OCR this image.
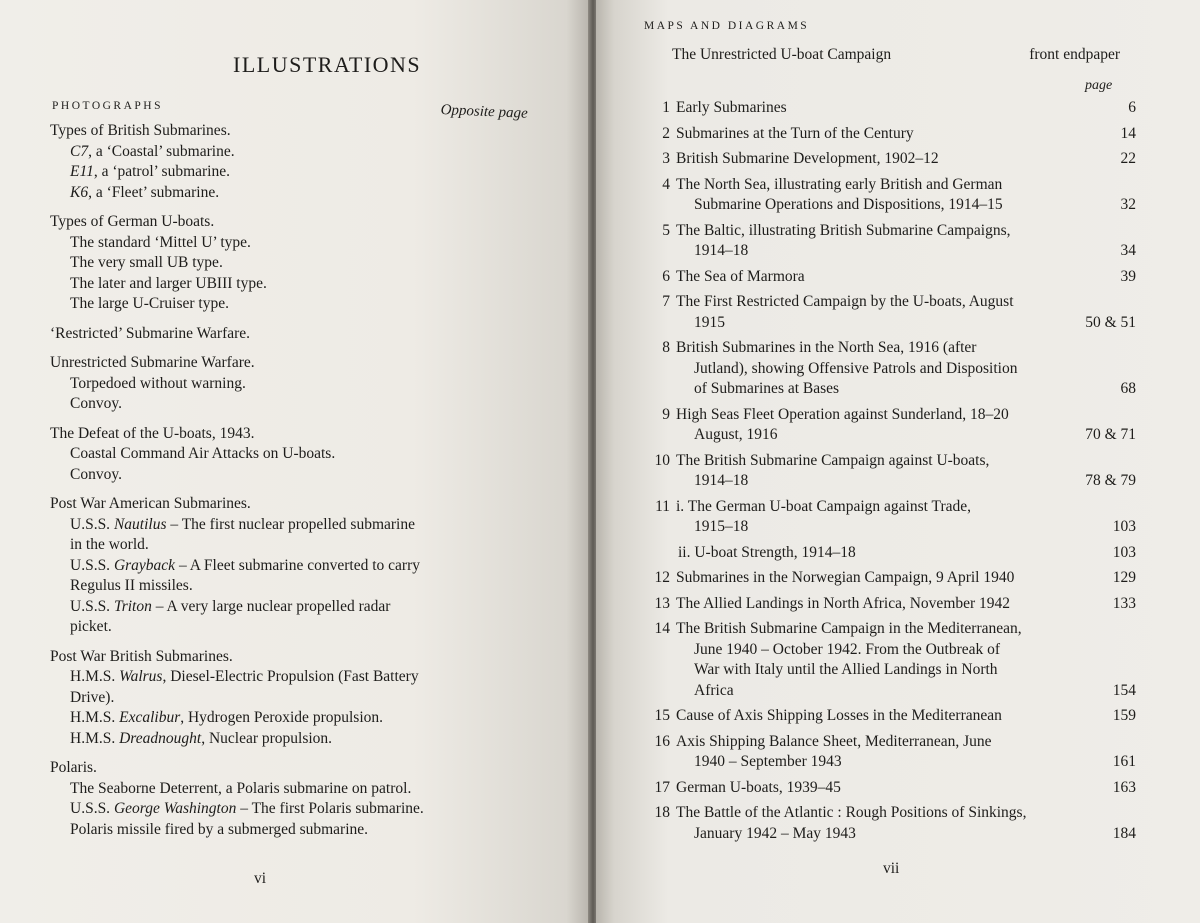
ILLUSTRATIONS
PHOTOGRAPHS	Opposite page
Types of British Submarines.
C7, a ‘Coastal’ submarine.
E11, a ‘patrol’ submarine.
K6, a ‘Fleet’ submarine.
Types of German U-boats.
The standard ‘Mittel U’ type.
The very small UB type.
The later and larger UBIII type.
The large U-Cruiser type.
‘Restricted’ Submarine Warfare.
Unrestricted Submarine Warfare.
Torpedoed without warning.
Convoy.
The Defeat of the U-boats, 1943.
Coastal Command Air Attacks on U-boats.
Convoy.
Post War American Submarines.
U.S.S. Nautilus – The first nuclear propelled submarine
in the world.
U.S.S. Grayback – A Fleet submarine converted to carry
Regulus II missiles.
U.S.S. Triton – A very large nuclear propelled radar
picket.
Post War British Submarines.
H.M.S. Walrus, Diesel-Electric Propulsion (Fast Battery
Drive).
H.M.S. Excalibur, Hydrogen Peroxide propulsion.
H.M.S. Dreadnought, Nuclear propulsion.
Polaris.
The Seaborne Deterrent, a Polaris submarine on patrol.
U.S.S. George Washington – The first Polaris submarine.
Polaris missile fired by a submerged submarine.
vi
MAPS AND DIAGRAMS
The Unrestricted U-boat Campaign	front endpaper
page
1 Early Submarines	6
2 Submarines at the Turn of the Century	14
3 British Submarine Development, 1902–12	22
4 The North Sea, illustrating early British and German
Submarine Operations and Dispositions, 1914–15	32
5 The Baltic, illustrating British Submarine Campaigns,
1914–18	34
6 The Sea of Marmora	39
7 The First Restricted Campaign by the U-boats, August
1915	50 & 51
8 British Submarines in the North Sea, 1916 (after
Jutland), showing Offensive Patrols and Disposition
of Submarines at Bases	68
9 High Seas Fleet Operation against Sunderland, 18–20
August, 1916	70 & 71
10 The British Submarine Campaign against U-boats,
1914–18	78 & 79
11 i. The German U-boat Campaign against Trade,
1915–18	103
ii. U-boat Strength, 1914–18	103
12 Submarines in the Norwegian Campaign, 9 April 1940	129
13 The Allied Landings in North Africa, November 1942	133
14 The British Submarine Campaign in the Mediterranean,
June 1940 – October 1942. From the Outbreak of
War with Italy until the Allied Landings in North
Africa	154
15 Cause of Axis Shipping Losses in the Mediterranean	159
16 Axis Shipping Balance Sheet, Mediterranean, June
1940 – September 1943	161
17 German U-boats, 1939–45	163
18 The Battle of the Atlantic : Rough Positions of Sinkings,
January 1942 – May 1943	184
vii
